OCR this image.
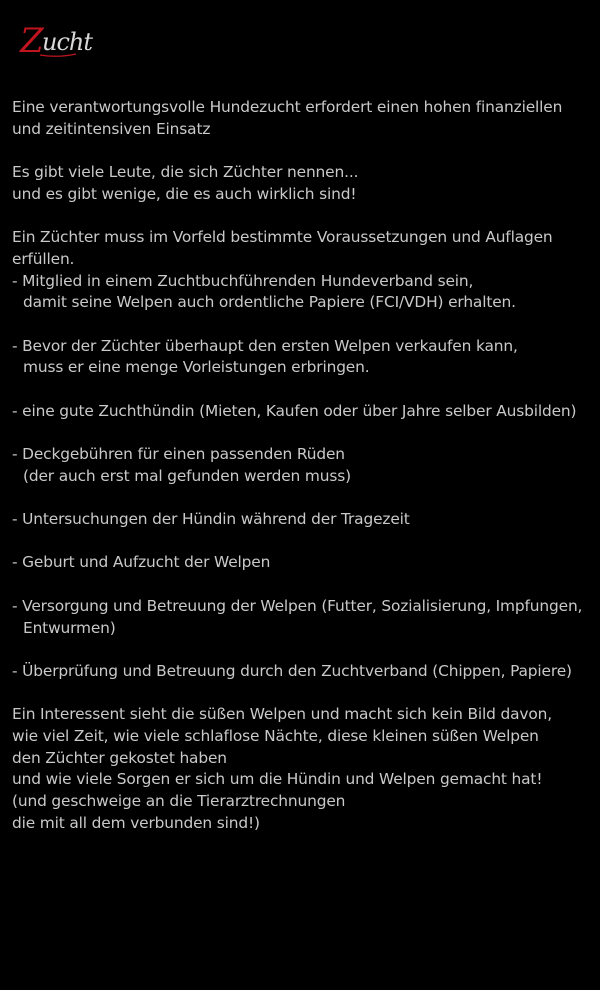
Z
ucht
Eine verantwortungsvolle Hundezucht erfordert einen hohen finanziellen
und zeitintensiven Einsatz
Es gibt viele Leute, die sich Züchter nennen...
und es gibt wenige, die es auch wirklich sind!
Ein Züchter muss im Vorfeld bestimmte Voraussetzungen und Auflagen
erfüllen.
- Mitglied in einem Zuchtbuchführenden Hundeverband sein,
damit seine Welpen auch ordentliche Papiere (FCI/VDH) erhalten.
- Bevor der Züchter überhaupt den ersten Welpen verkaufen kann,
muss er eine menge Vorleistungen erbringen.
- eine gute Zuchthündin (Mieten, Kaufen oder über Jahre selber Ausbilden)
- Deckgebühren für einen passenden Rüden
(der auch erst mal gefunden werden muss)
- Untersuchungen der Hündin während der Tragezeit
- Geburt und Aufzucht der Welpen
- Versorgung und Betreuung der Welpen (Futter, Sozialisierung, Impfungen,
Entwurmen)
- Überprüfung und Betreuung durch den Zuchtverband (Chippen, Papiere)
Ein Interessent sieht die süßen Welpen und macht sich kein Bild davon,
wie viel Zeit, wie viele schlaflose Nächte, diese kleinen süßen Welpen
den Züchter gekostet haben
und wie viele Sorgen er sich um die Hündin und Welpen gemacht hat!
(und geschweige an die Tierarztrechnungen
die mit all dem verbunden sind!)
